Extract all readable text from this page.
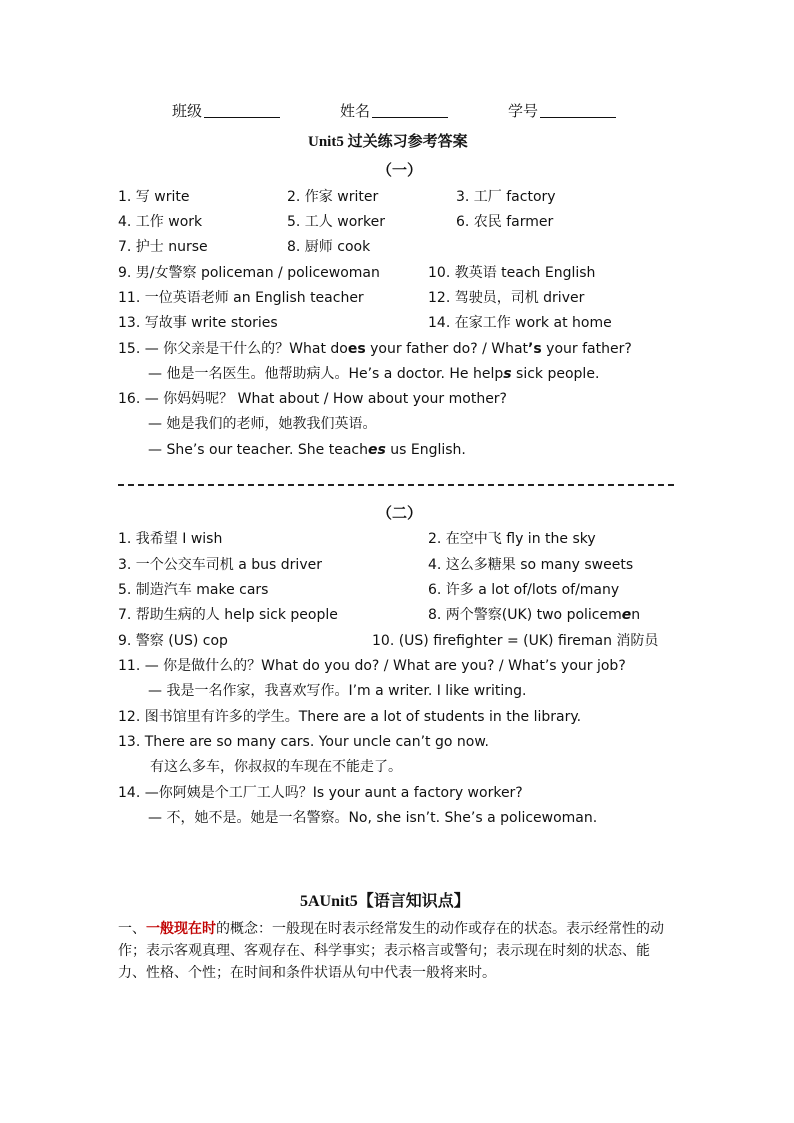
班级	姓名	学号
Unit5 过关练习参考答案
（一）
1. 写 write	2. 作家 writer	3. 工厂 factory
4. 工作 work	5. 工人 worker	6. 农民 farmer
7. 护士 nurse	8. 厨师 cook
9. 男/女警察 policeman / policewoman	10. 教英语 teach English
11. 一位英语老师 an English teacher	12. 驾驶员，司机 driver
13. 写故事 write stories	14. 在家工作 work at home
15. — 你父亲是干什么的？What does your father do? / What’s your father?
— 他是一名医生。他帮助病人。He’s a doctor. He helps sick people.
16. — 你妈妈呢？ What about / How about your mother?
— 她是我们的老师，她教我们英语。
— She’s our teacher. She teaches us English.
（二）
1. 我希望 I wish	2. 在空中飞 fly in the sky
3. 一个公交车司机 a bus driver	4. 这么多糖果 so many sweets
5. 制造汽车 make cars	6. 许多 a lot of/lots of/many
7. 帮助生病的人 help sick people	8. 两个警察(UK) two policemen
9. 警察 (US) cop	10. (US) firefighter = (UK) fireman 消防员
11. — 你是做什么的？What do you do? / What are you? / What’s your job?
— 我是一名作家，我喜欢写作。I’m a writer. I like writing.
12. 图书馆里有许多的学生。There are a lot of students in the library.
13. There are so many cars. Your uncle can’t go now.
有这么多车，你叔叔的车现在不能走了。
14. —你阿姨是个工厂工人吗？Is your aunt a factory worker?
— 不，她不是。她是一名警察。No, she isn’t. She’s a policewoman.
5AUnit5【语言知识点】
一、一般现在时的概念：一般现在时表示经常发生的动作或存在的状态。表示经常性的动作；表示客观真理、客观存在、科学事实；表示格言或警句；表示现在时刻的状态、能力、性格、个性；在时间和条件状语从句中代表一般将来时。
